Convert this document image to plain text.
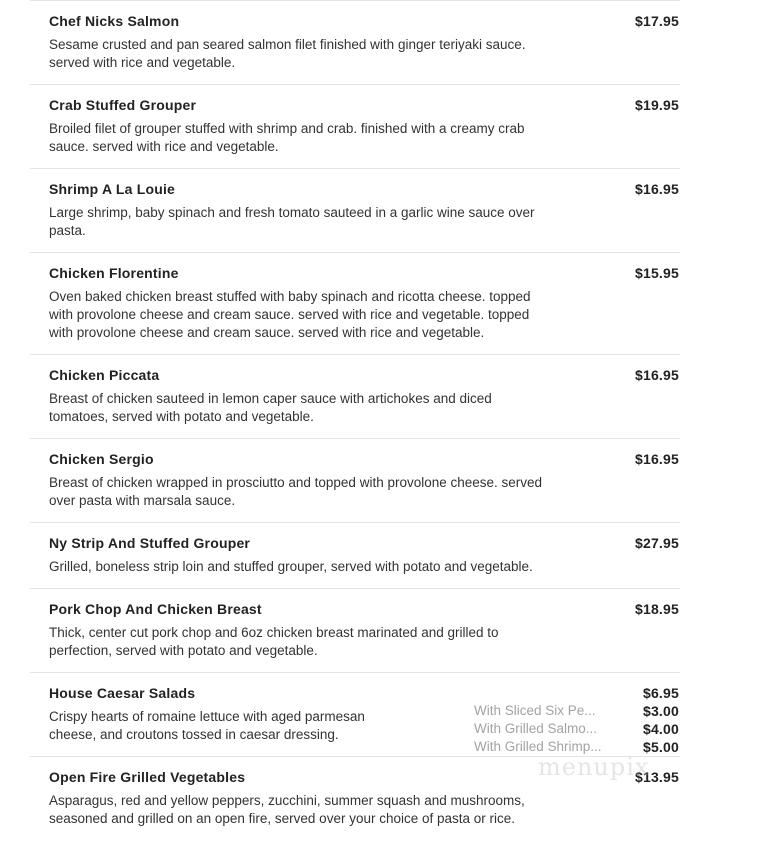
Chef Nicks Salmon	$17.95
Sesame crusted and pan seared salmon filet finished with ginger teriyaki sauce. served with rice and vegetable.
Crab Stuffed Grouper	$19.95
Broiled filet of grouper stuffed with shrimp and crab. finished with a creamy crab sauce. served with rice and vegetable.
Shrimp A La Louie	$16.95
Large shrimp, baby spinach and fresh tomato sauteed in a garlic wine sauce over pasta.
Chicken Florentine	$15.95
Oven baked chicken breast stuffed with baby spinach and ricotta cheese. topped with provolone cheese and cream sauce. served with rice and vegetable. topped with provolone cheese and cream sauce. served with rice and vegetable.
Chicken Piccata	$16.95
Breast of chicken sauteed in lemon caper sauce with artichokes and diced tomatoes, served with potato and vegetable.
Chicken Sergio	$16.95
Breast of chicken wrapped in prosciutto and topped with provolone cheese. served over pasta with marsala sauce.
Ny Strip And Stuffed Grouper	$27.95
Grilled, boneless strip loin and stuffed grouper, served with potato and vegetable.
Pork Chop And Chicken Breast	$18.95
Thick, center cut pork chop and 6oz chicken breast marinated and grilled to perfection, served with potato and vegetable.
House Caesar Salads	$6.95
Crispy hearts of romaine lettuce with aged parmesan cheese, and croutons tossed in caesar dressing.
With Sliced Six Pe...	$3.00
With Grilled Salmo...	$4.00
With Grilled Shrimp...	$5.00
Open Fire Grilled Vegetables	$13.95
Asparagus, red and yellow peppers, zucchini, summer squash and mushrooms, seasoned and grilled on an open fire, served over your choice of pasta or rice.
menupix
